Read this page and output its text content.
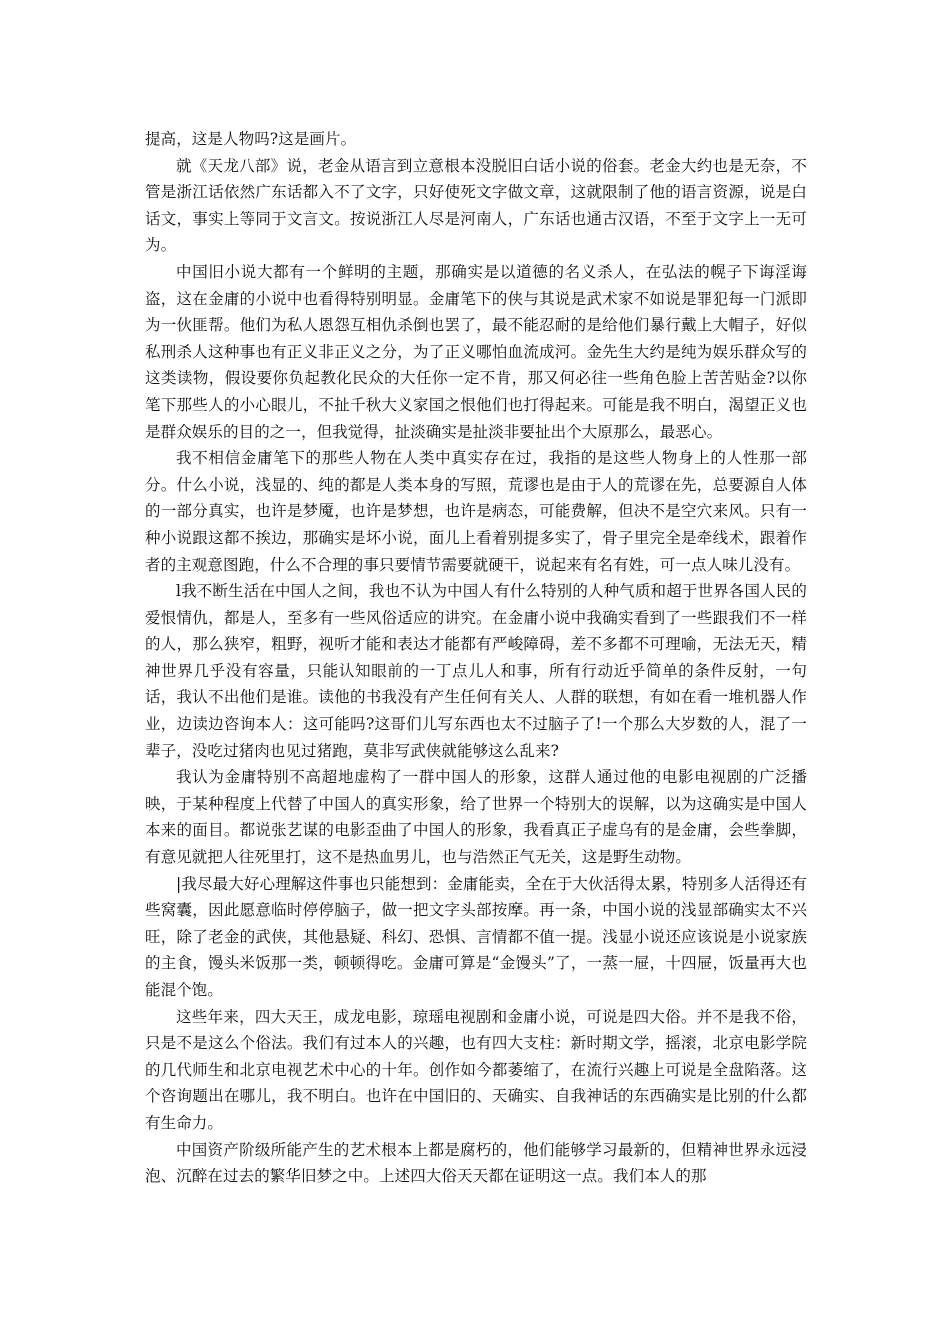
提高，这是人物吗?这是画片。

就《天龙八部》说，老金从语言到立意根本没脱旧白话小说的俗套。老金大约也是无奈，不管是浙江话依然广东话都入不了文字，只好使死文字做文章，这就限制了他的语言资源，说是白话文，事实上等同于文言文。按说浙江人尽是河南人，广东话也通古汉语，不至于文字上一无可为。

中国旧小说大都有一个鲜明的主题，那确实是以道德的名义杀人，在弘法的幌子下诲淫诲盗，这在金庸的小说中也看得特别明显。金庸笔下的侠与其说是武术家不如说是罪犯每一门派即为一伙匪帮。他们为私人恩怨互相仇杀倒也罢了，最不能忍耐的是给他们暴行戴上大帽子，好似私刑杀人这种事也有正义非正义之分，为了正义哪怕血流成河。金先生大约是纯为娱乐群众写的这类读物，假设要你负起教化民众的大任你一定不肯，那又何必往一些角色脸上苦苦贴金?以你笔下那些人的小心眼儿，不扯千秋大义家国之恨他们也打得起来。可能是我不明白，渴望正义也是群众娱乐的目的之一，但我觉得，扯淡确实是扯淡非要扯出个大原那么，最恶心。

我不相信金庸笔下的那些人物在人类中真实存在过，我指的是这些人物身上的人性那一部分。什么小说，浅显的、纯的都是人类本身的写照，荒谬也是由于人的荒谬在先，总要源自人体的一部分真实，也许是梦魇，也许是梦想，也许是病态，可能费解，但决不是空穴来风。只有一种小说跟这都不挨边，那确实是坏小说，面儿上看着别提多实了，骨子里完全是牵线术，跟着作者的主观意图跑，什么不合理的事只要情节需要就硬干，说起来有名有姓，可一点人味儿没有。

l我不断生活在中国人之间，我也不认为中国人有什么特别的人种气质和超于世界各国人民的爱恨情仇，都是人，至多有一些风俗适应的讲究。在金庸小说中我确实看到了一些跟我们不一样的人，那么狭窄，粗野，视听才能和表达才能都有严峻障碍，差不多都不可理喻，无法无天，精神世界几乎没有容量，只能认知眼前的一丁点儿人和事，所有行动近乎简单的条件反射，一句话，我认不出他们是谁。读他的书我没有产生任何有关人、人群的联想，有如在看一堆机器人作业，边读边咨询本人：这可能吗?这哥们儿写东西也太不过脑子了!一个那么大岁数的人，混了一辈子，没吃过猪肉也见过猪跑，莫非写武侠就能够这么乱来?

我认为金庸特别不高超地虚构了一群中国人的形象，这群人通过他的电影电视剧的广泛播映，于某种程度上代替了中国人的真实形象，给了世界一个特别大的误解，以为这确实是中国人本来的面目。都说张艺谋的电影歪曲了中国人的形象，我看真正子虚乌有的是金庸，会些拳脚，有意见就把人往死里打，这不是热血男儿，也与浩然正气无关，这是野生动物。

|我尽最大好心理解这件事也只能想到：金庸能卖，全在于大伙活得太累，特别多人活得还有些窝囊，因此愿意临时停停脑子，做一把文字头部按摩。再一条，中国小说的浅显部确实太不兴旺，除了老金的武侠，其他悬疑、科幻、恐惧、言情都不值一提。浅显小说还应该说是小说家族的主食，馒头米饭那一类，顿顿得吃。金庸可算是“金馒头”了，一蒸一屉，十四屉，饭量再大也能混个饱。

这些年来，四大天王，成龙电影，琼瑶电视剧和金庸小说，可说是四大俗。并不是我不俗，只是不是这么个俗法。我们有过本人的兴趣，也有四大支柱：新时期文学，摇滚，北京电影学院的几代师生和北京电视艺术中心的十年。创作如今都萎缩了，在流行兴趣上可说是全盘陷落。这个咨询题出在哪儿，我不明白。也许在中国旧的、天确实、自我神话的东西确实是比别的什么都有生命力。

中国资产阶级所能产生的艺术根本上都是腐朽的，他们能够学习最新的，但精神世界永远浸泡、沉醉在过去的繁华旧梦之中。上述四大俗天天都在证明这一点。我们本人的那
